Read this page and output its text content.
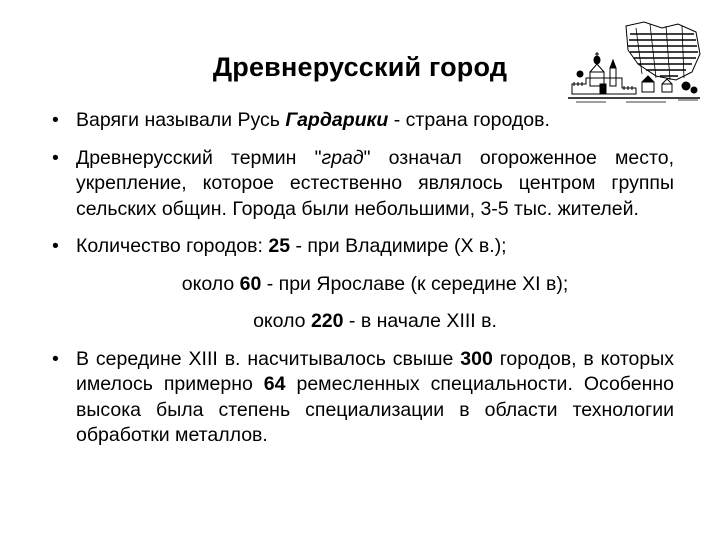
Древнерусский город
• Варяги называли Русь Гардарики - страна городов.
• Древнерусский термин "град" означал огороженное место, укрепление, которое естественно являлось центром группы сельских общин. Города были небольшими, 3-5 тыс. жителей.
• Количество городов: 25 - при Владимире (X в.);
около 60 - при Ярославе (к середине XI в);
около 220 - в начале XIII в.
• В середине XIII в. насчитывалось свыше 300 городов, в которых имелось примерно 64 ремесленных специальности. Особенно высока была степень специализации в области технологии обработки металлов.
